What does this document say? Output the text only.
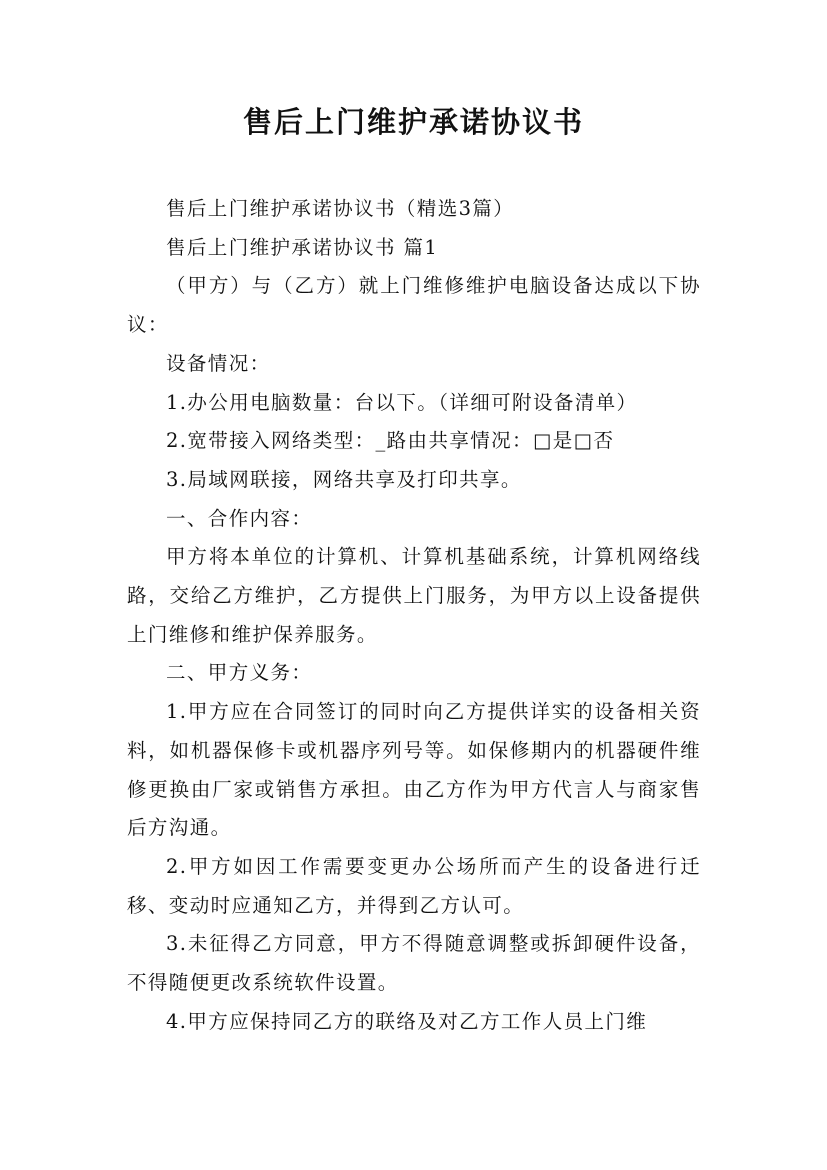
售后上门维护承诺协议书

售后上门维护承诺协议书（精选3篇）

售后上门维护承诺协议书 篇1

（甲方）与（乙方）就上门维修维护电脑设备达成以下协议：

设备情况：

1.办公用电脑数量：台以下。（详细可附设备清单）

2.宽带接入网络类型：_路由共享情况：□是□否

3.局域网联接，网络共享及打印共享。

一、合作内容：

甲方将本单位的计算机、计算机基础系统，计算机网络线路，交给乙方维护，乙方提供上门服务，为甲方以上设备提供上门维修和维护保养服务。

二、甲方义务：

1.甲方应在合同签订的同时向乙方提供详实的设备相关资料，如机器保修卡或机器序列号等。如保修期内的机器硬件维修更换由厂家或销售方承担。由乙方作为甲方代言人与商家售后方沟通。

2.甲方如因工作需要变更办公场所而产生的设备进行迁移、变动时应通知乙方，并得到乙方认可。

3.未征得乙方同意，甲方不得随意调整或拆卸硬件设备，不得随便更改系统软件设置。

4.甲方应保持同乙方的联络及对乙方工作人员上门维
